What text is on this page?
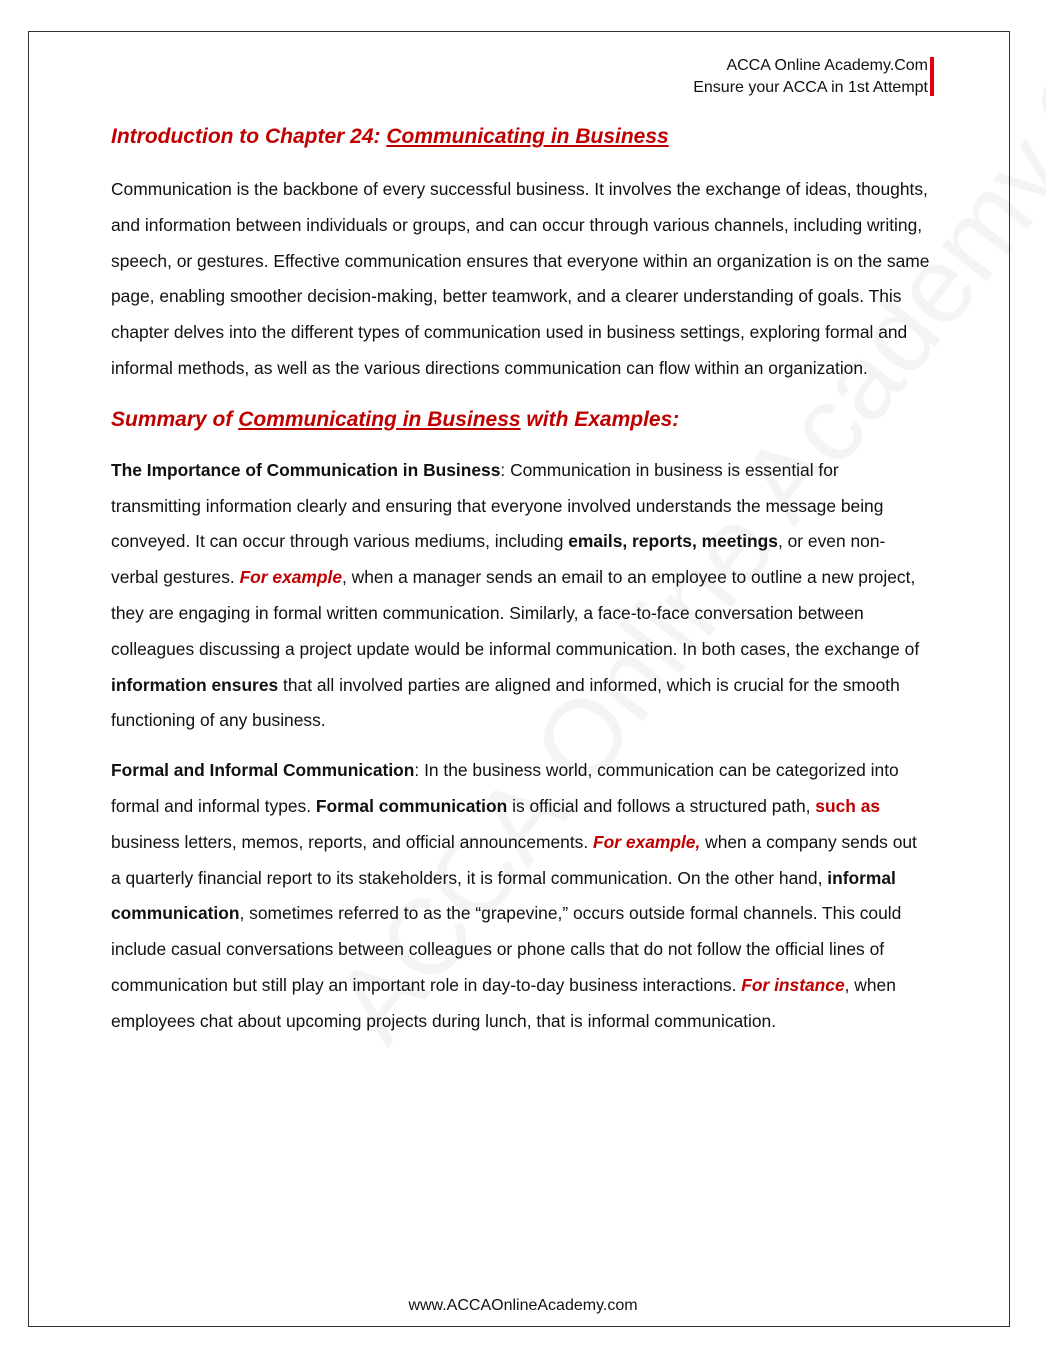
ACCA Online Academy.Com
Ensure your ACCA in 1st Attempt
Introduction to Chapter 24: Communicating in Business

Communication is the backbone of every successful business. It involves the exchange of ideas, thoughts, and information between individuals or groups, and can occur through various channels, including writing, speech, or gestures. Effective communication ensures that everyone within an organization is on the same page, enabling smoother decision-making, better teamwork, and a clearer understanding of goals. This chapter delves into the different types of communication used in business settings, exploring formal and informal methods, as well as the various directions communication can flow within an organization.

Summary of Communicating in Business with Examples:

The Importance of Communication in Business: Communication in business is essential for transmitting information clearly and ensuring that everyone involved understands the message being conveyed. It can occur through various mediums, including emails, reports, meetings, or even non-verbal gestures. For example, when a manager sends an email to an employee to outline a new project, they are engaging in formal written communication. Similarly, a face-to-face conversation between colleagues discussing a project update would be informal communication. In both cases, the exchange of information ensures that all involved parties are aligned and informed, which is crucial for the smooth functioning of any business.

Formal and Informal Communication: In the business world, communication can be categorized into formal and informal types. Formal communication is official and follows a structured path, such as business letters, memos, reports, and official announcements. For example, when a company sends out a quarterly financial report to its stakeholders, it is formal communication. On the other hand, informal communication, sometimes referred to as the “grapevine,” occurs outside formal channels. This could include casual conversations between colleagues or phone calls that do not follow the official lines of communication but still play an important role in day-to-day business interactions. For instance, when employees chat about upcoming projects during lunch, that is informal communication.

www.ACCAOnlineAcademy.com
